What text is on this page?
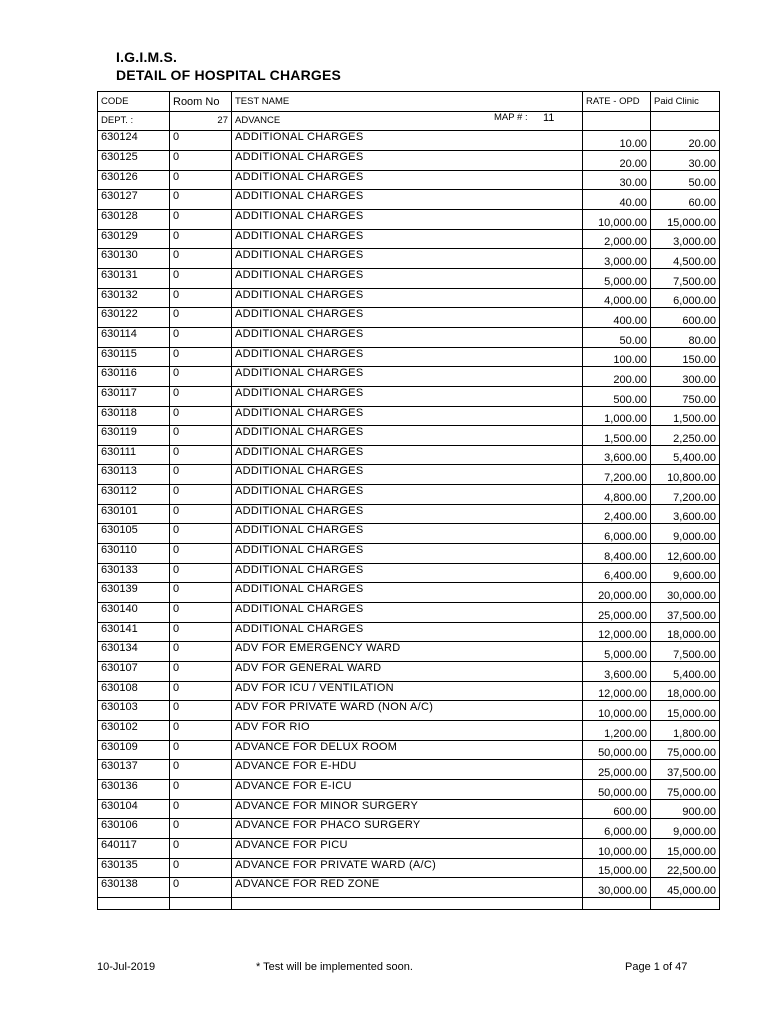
I.G.I.M.S.
DETAIL OF HOSPITAL CHARGES
CODE	Room No	TEST NAME	RATE - OPD	Paid Clinic
DEPT. :	27	ADVANCE MAP # : 11		

630124	0	ADDITIONAL CHARGES	10.00	20.00
630125	0	ADDITIONAL CHARGES	20.00	30.00
630126	0	ADDITIONAL CHARGES	30.00	50.00
630127	0	ADDITIONAL CHARGES	40.00	60.00
630128	0	ADDITIONAL CHARGES	10,000.00	15,000.00
630129	0	ADDITIONAL CHARGES	2,000.00	3,000.00
630130	0	ADDITIONAL CHARGES	3,000.00	4,500.00
630131	0	ADDITIONAL CHARGES	5,000.00	7,500.00
630132	0	ADDITIONAL CHARGES	4,000.00	6,000.00
630122	0	ADDITIONAL CHARGES	400.00	600.00
630114	0	ADDITIONAL CHARGES	50.00	80.00
630115	0	ADDITIONAL CHARGES	100.00	150.00
630116	0	ADDITIONAL CHARGES	200.00	300.00
630117	0	ADDITIONAL CHARGES	500.00	750.00
630118	0	ADDITIONAL CHARGES	1,000.00	1,500.00
630119	0	ADDITIONAL CHARGES	1,500.00	2,250.00
630111	0	ADDITIONAL CHARGES	3,600.00	5,400.00
630113	0	ADDITIONAL CHARGES	7,200.00	10,800.00
630112	0	ADDITIONAL CHARGES	4,800.00	7,200.00
630101	0	ADDITIONAL CHARGES	2,400.00	3,600.00
630105	0	ADDITIONAL CHARGES	6,000.00	9,000.00
630110	0	ADDITIONAL CHARGES	8,400.00	12,600.00
630133	0	ADDITIONAL CHARGES	6,400.00	9,600.00
630139	0	ADDITIONAL CHARGES	20,000.00	30,000.00
630140	0	ADDITIONAL CHARGES	25,000.00	37,500.00
630141	0	ADDITIONAL CHARGES	12,000.00	18,000.00
630134	0	ADV FOR EMERGENCY WARD	5,000.00	7,500.00
630107	0	ADV FOR GENERAL WARD	3,600.00	5,400.00
630108	0	ADV FOR ICU / VENTILATION	12,000.00	18,000.00
630103	0	ADV FOR PRIVATE WARD (NON A/C)	10,000.00	15,000.00
630102	0	ADV FOR RIO	1,200.00	1,800.00
630109	0	ADVANCE FOR DELUX ROOM	50,000.00	75,000.00
630137	0	ADVANCE FOR E-HDU	25,000.00	37,500.00
630136	0	ADVANCE FOR E-ICU	50,000.00	75,000.00
630104	0	ADVANCE FOR MINOR SURGERY	600.00	900.00
630106	0	ADVANCE FOR PHACO SURGERY	6,000.00	9,000.00
640117	0	ADVANCE FOR PICU	10,000.00	15,000.00
630135	0	ADVANCE FOR PRIVATE WARD (A/C)	15,000.00	22,500.00
630138	0	ADVANCE FOR RED ZONE	30,000.00	45,000.00

10-Jul-2019	* Test will be implemented soon.	Page 1 of 47
